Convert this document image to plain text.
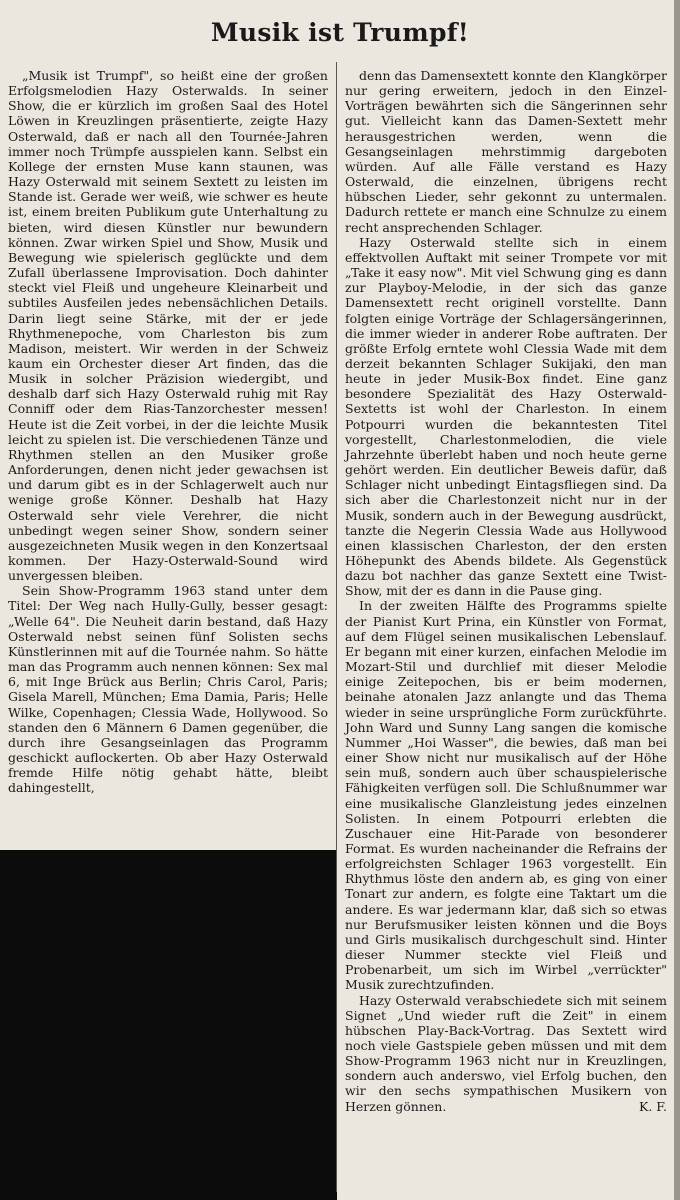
Musik ist Trumpf!

„Musik ist Trumpf", so heißt eine der großen Erfolgsmelodien Hazy Osterwalds. In seiner Show, die er kürzlich im großen Saal des Hotel Löwen in Kreuzlingen präsentierte, zeigte Hazy Osterwald, daß er nach all den Tournée-Jahren immer noch Trümpfe ausspielen kann. Selbst ein Kollege der ernsten Muse kann staunen, was Hazy Osterwald mit seinem Sextett zu leisten im Stande ist. Gerade wer weiß, wie schwer es heute ist, einem breiten Publikum gute Unterhaltung zu bieten, wird diesen Künstler nur bewundern können. Zwar wirken Spiel und Show, Musik und Bewegung wie spielerisch geglückte und dem Zufall überlassene Improvisation. Doch dahinter steckt viel Fleiß und ungeheure Kleinarbeit und subtiles Ausfeilen jedes nebensächlichen Details. Darin liegt seine Stärke, mit der er jede Rhythmenepoche, vom Charleston bis zum Madison, meistert. Wir werden in der Schweiz kaum ein Orchester dieser Art finden, das die Musik in solcher Präzision wiedergibt, und deshalb darf sich Hazy Osterwald ruhig mit Ray Conniff oder dem Rias-Tanzorchester messen! Heute ist die Zeit vorbei, in der die leichte Musik leicht zu spielen ist. Die verschiedenen Tänze und Rhythmen stellen an den Musiker große Anforderungen, denen nicht jeder gewachsen ist und darum gibt es in der Schlagerwelt auch nur wenige große Könner. Deshalb hat Hazy Osterwald sehr viele Verehrer, die nicht unbedingt wegen seiner Show, sondern seiner ausgezeichneten Musik wegen in den Konzertsaal kommen. Der Hazy-Osterwald-Sound wird unvergessen bleiben.

Sein Show-Programm 1963 stand unter dem Titel: Der Weg nach Hully-Gully, besser gesagt: „Welle 64". Die Neuheit darin bestand, daß Hazy Osterwald nebst seinen fünf Solisten sechs Künstlerinnen mit auf die Tournée nahm. So hätte man das Programm auch nennen können: Sex mal 6, mit Inge Brück aus Berlin; Chris Carol, Paris; Gisela Marell, München; Ema Damia, Paris; Helle Wilke, Copenhagen; Clessia Wade, Hollywood. So standen den 6 Männern 6 Damen gegenüber, die durch ihre Gesangseinlagen das Programm geschickt auflockerten. Ob aber Hazy Osterwald fremde Hilfe nötig gehabt hätte, bleibt dahingestellt,

denn das Damensextett konnte den Klangkörper nur gering erweitern, jedoch in den Einzel-Vorträgen bewährten sich die Sängerinnen sehr gut. Vielleicht kann das Damen-Sextett mehr herausgestrichen werden, wenn die Gesangseinlagen mehrstimmig dargeboten würden. Auf alle Fälle verstand es Hazy Osterwald, die einzelnen, übrigens recht hübschen Lieder, sehr gekonnt zu untermalen. Dadurch rettete er manch eine Schnulze zu einem recht ansprechenden Schlager.

Hazy Osterwald stellte sich in einem effektvollen Auftakt mit seiner Trompete vor mit „Take it easy now". Mit viel Schwung ging es dann zur Playboy-Melodie, in der sich das ganze Damensextett recht originell vorstellte. Dann folgten einige Vorträge der Schlagersängerinnen, die immer wieder in anderer Robe auftraten. Der größte Erfolg erntete wohl Clessia Wade mit dem derzeit bekannten Schlager Sukijaki, den man heute in jeder Musik-Box findet. Eine ganz besondere Spezialität des Hazy Osterwald-Sextetts ist wohl der Charleston. In einem Potpourri wurden die bekanntesten Titel vorgestellt, Charlestonmelodien, die viele Jahrzehnte überlebt haben und noch heute gerne gehört werden. Ein deutlicher Beweis dafür, daß Schlager nicht unbedingt Eintagsfliegen sind. Da sich aber die Charlestonzeit nicht nur in der Musik, sondern auch in der Bewegung ausdrückt, tanzte die Negerin Clessia Wade aus Hollywood einen klassischen Charleston, der den ersten Höhepunkt des Abends bildete. Als Gegenstück dazu bot nachher das ganze Sextett eine Twist-Show, mit der es dann in die Pause ging.

In der zweiten Hälfte des Programms spielte der Pianist Kurt Prina, ein Künstler von Format, auf dem Flügel seinen musikalischen Lebenslauf. Er begann mit einer kurzen, einfachen Melodie im Mozart-Stil und durchlief mit dieser Melodie einige Zeitepochen, bis er beim modernen, beinahe atonalen Jazz anlangte und das Thema wieder in seine ursprüngliche Form zurückführte. John Ward und Sunny Lang sangen die komische Nummer „Hoi Wasser", die bewies, daß man bei einer Show nicht nur musikalisch auf der Höhe sein muß, sondern auch über schauspielerische Fähigkeiten verfügen soll. Die Schlußnummer war eine musikalische Glanzleistung jedes einzelnen Solisten. In einem Potpourri erlebten die Zuschauer eine Hit-Parade von besonderer Format. Es wurden nacheinander die Refrains der erfolgreichsten Schlager 1963 vorgestellt. Ein Rhythmus löste den andern ab, es ging von einer Tonart zur andern, es folgte eine Taktart um die andere. Es war jedermann klar, daß sich so etwas nur Berufsmusiker leisten können und die Boys und Girls musikalisch durchgeschult sind. Hinter dieser Nummer steckte viel Fleiß und Probenarbeit, um sich im Wirbel „verrückter" Musik zurechtzufinden.

Hazy Osterwald verabschiedete sich mit seinem Signet „Und wieder ruft die Zeit" in einem hübschen Play-Back-Vortrag. Das Sextett wird noch viele Gastspiele geben müssen und mit dem Show-Programm 1963 nicht nur in Kreuzlingen, sondern auch anderswo, viel Erfolg buchen, den wir den sechs sympathischen Musikern von Herzen gönnen.	K. F.
